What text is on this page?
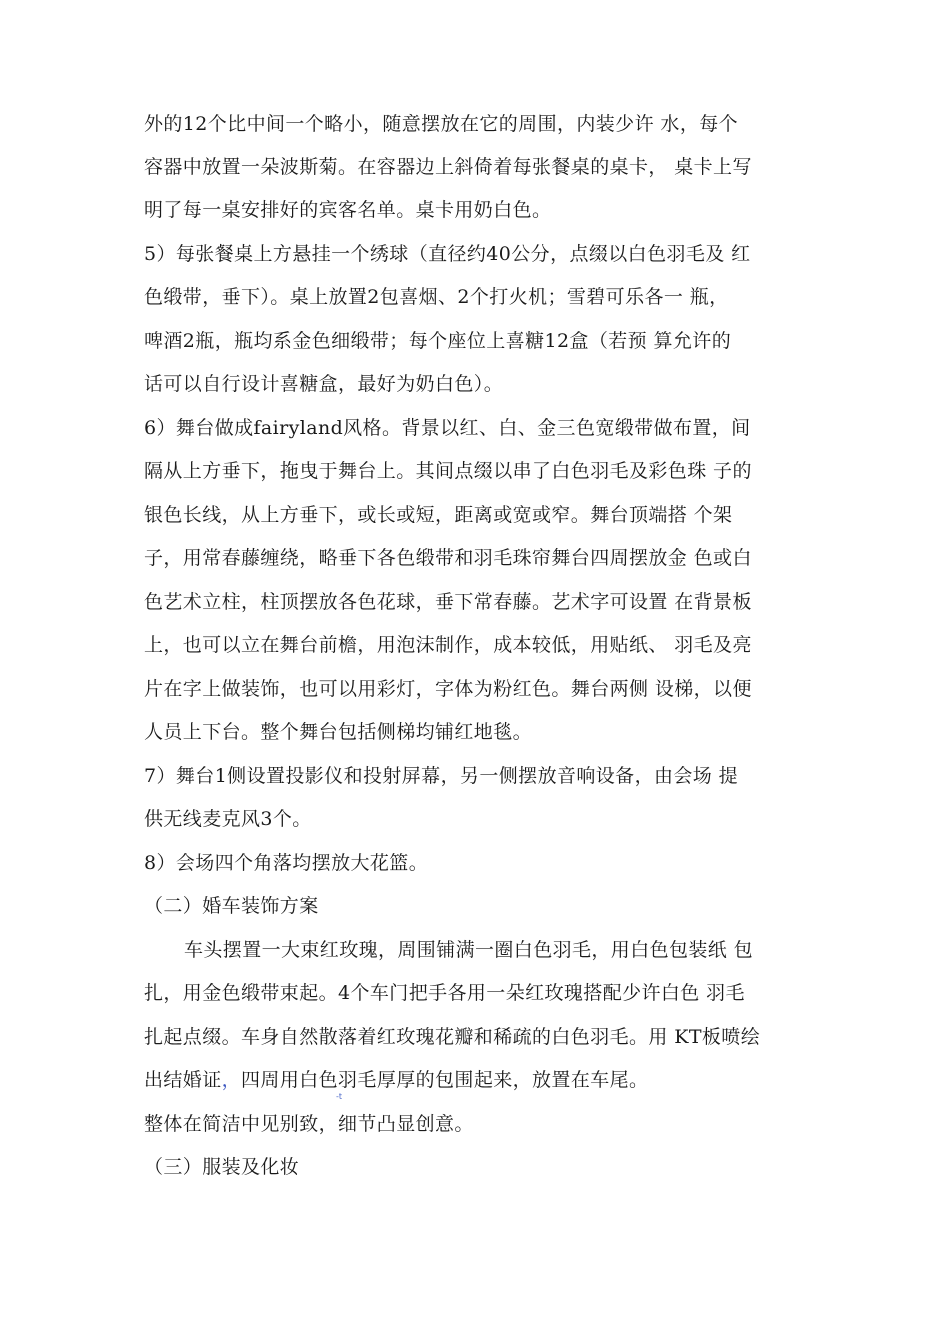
外的12个比中间一个略小，随意摆放在它的周围，内装少许 水，每个
容器中放置一朵波斯菊。在容器边上斜倚着每张餐桌的桌卡， 桌卡上写
明了每一桌安排好的宾客名单。桌卡用奶白色。
5）每张餐桌上方悬挂一个绣球（直径约40公分，点缀以白色羽毛及 红
色缎带，垂下）。桌上放置2包喜烟、2个打火机；雪碧可乐各一 瓶，
啤酒2瓶，瓶均系金色细缎带；每个座位上喜糖12盒（若预 算允许的
话可以自行设计喜糖盒，最好为奶白色）。
6）舞台做成fairyland风格。背景以红、白、金三色宽缎带做布置，间
隔从上方垂下，拖曳于舞台上。其间点缀以串了白色羽毛及彩色珠 子的
银色长线，从上方垂下，或长或短，距离或宽或窄。舞台顶端搭 个架
子，用常春藤缠绕，略垂下各色缎带和羽毛珠帘舞台四周摆放金 色或白
色艺术立柱，柱顶摆放各色花球，垂下常春藤。艺术字可设置 在背景板
上，也可以立在舞台前檐，用泡沫制作，成本较低，用贴纸、 羽毛及亮
片在字上做装饰，也可以用彩灯，字体为粉红色。舞台两侧 设梯，以便
人员上下台。整个舞台包括侧梯均铺红地毯。
7）舞台1侧设置投影仪和投射屏幕，另一侧摆放音响设备，由会场 提
供无线麦克风3个。
8）会场四个角落均摆放大花篮。
（二）婚车装饰方案
车头摆置一大束红玫瑰，周围铺满一圈白色羽毛，用白色包装纸 包
扎，用金色缎带束起。4个车门把手各用一朵红玫瑰搭配少许白色 羽毛
扎起点缀。车身自然散落着红玫瑰花瓣和稀疏的白色羽毛。用 KT板喷绘
出结婚证，四周用白色羽毛厚厚的包围起来，放置在车尾。
-t
整体在简洁中见别致，细节凸显创意。
（三）服装及化妆
